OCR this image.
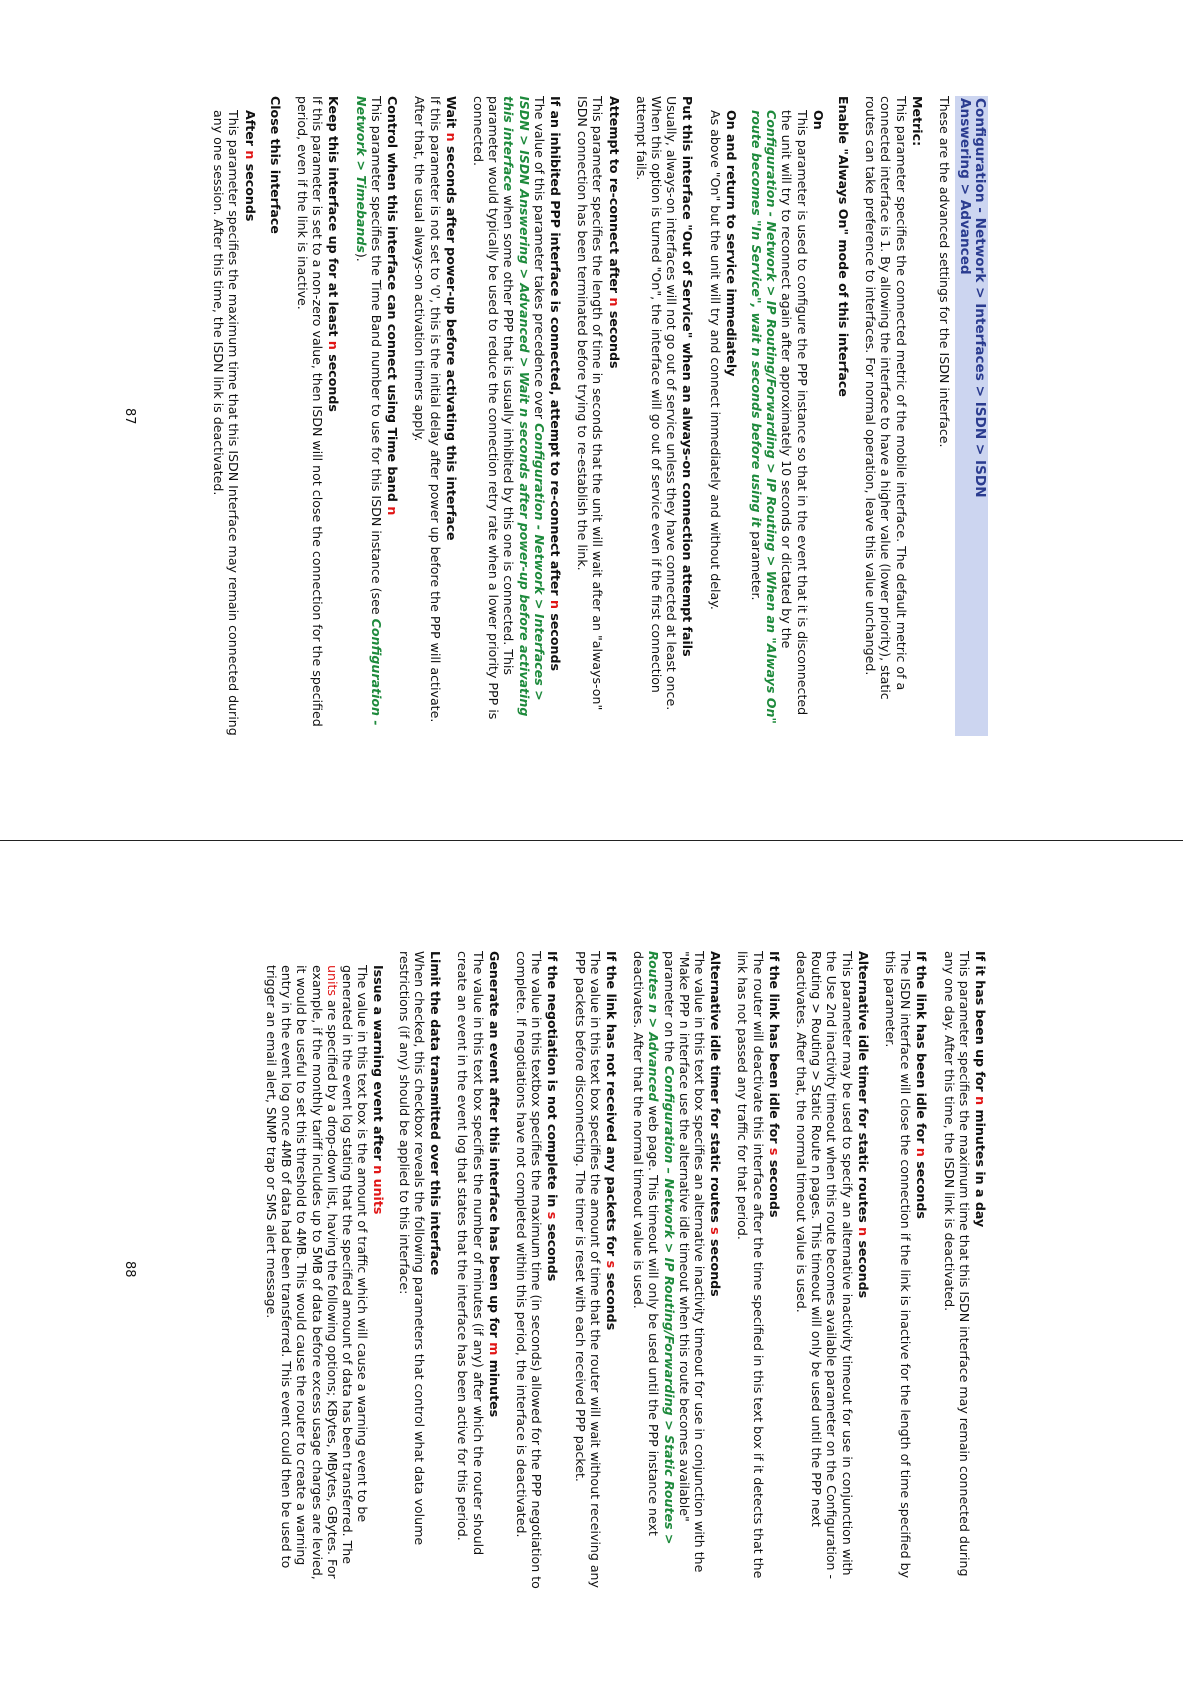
Configuration - Network > Interfaces > ISDN > ISDN
Answering > Advanced

These are the advanced settings for the ISDN interface.

Metric:

This parameter specifies the connected metric of the mobile interface. The default metric of a connected interface is 1. By allowing the interface to have a higher value (lower priority), static routes can take preference to interfaces. For normal operation, leave this value unchanged.

Enable "Always On" mode of this interface
On

This parameter is used to configure the PPP instance so that in the event that it is disconnected the unit will try to reconnect again after approximately 10 seconds or dictated by the Configuration - Network > IP Routing/Forwarding > IP Routing > When an "Always On" route becomes "In Service", wait n seconds before using it parameter.

On and return to service immediately

As above "On" but the unit will try and connect immediately and without delay.

Put this interface "Out of Service" when an always-on connection attempt fails

Usually, always-on interfaces will not go out of service unless they have connected at least once. When this option is turned "On", the interface will go out of service even if the first connection attempt fails.

Attempt to re-connect after n seconds

This parameter specifies the length of time in seconds that the unit will wait after an "always-on" ISDN connection has been terminated before trying to re-establish the link.

If an inhibited PPP interface is connected, attempt to re-connect after n seconds

The value of this parameter takes precedence over Configuration - Network > Interfaces > ISDN > ISDN Answering > Advanced > Wait n seconds after power-up before activating this interface when some other PPP that is usually inhibited by this one is connected. This parameter would typically be used to reduce the connection retry rate when a lower priority PPP is connected.

Wait n seconds after power-up before activating this interface

If this parameter is not set to '0', this is the initial delay after power up before the PPP will activate. After that, the usual always-on activation timers apply.

Control when this interface can connect using Time band n

This parameter specifies the Time Band number to use for this ISDN instance (see Configuration - Network > Timebands).

Keep this interface up for at least n seconds

If this parameter is set to a non-zero value, then ISDN will not close the connection for the specified period, even if the link is inactive.

Close this interface
After n seconds

This parameter specifies the maximum time that this ISDN Interface may remain connected during any one session. After this time, the ISDN link is deactivated.

87
If it has been up for n minutes in a day

This parameter specifies the maximum time that this ISDN interface may remain connected during any one day. After this time, the ISDN link is deactivated.

If the link has been idle for n seconds

The ISDN interface will close the connection if the link is inactive for the length of time specified by this parameter.

Alternative idle timer for static routes n seconds

This parameter may be used to specify an alternative inactivity timeout for use in conjunction with the Use 2nd inactivity timeout when this route becomes available parameter on the Configuration - Routing > Routing > Static Route n pages. This timeout will only be used until the PPP next deactivates. After that, the normal timeout value is used.

If the link has been idle for s seconds

The router will deactivate this interface after the time specified in this text box if it detects that the link has not passed any traffic for that period.

Alternative idle timer for static routes s seconds

The value in this text box specifies an alternative inactivity timeout for use in conjunction with the "Make PPP n interface use the alternative idle timeout when this route becomes available" parameter on the Configuration – Network > IP Routing/Forwarding > Static Routes > Routes n > Advanced web page. This timeout will only be used until the PPP instance next deactivates. After that the normal timeout value is used.

If the link has not received any packets for s seconds

The value in this text box specifies the amount of time that the router will wait without receiving any PPP packets before disconnecting. The timer is reset with each received PPP packet.

If the negotiation is not complete in s seconds

The value in this textbox specifies the maximum time (in seconds) allowed for the PPP negotiation to complete. If negotiations have not completed within this period, the interface is deactivated.

Generate an event after this interface has been up for m minutes

The value in this text box specifies the number of minutes (if any) after which the router should create an event in the event log that states that the interface has been active for this period.

Limit the data transmitted over this interface

When checked, this checkbox reveals the following parameters that control what data volume restrictions (if any) should be applied to this interface:

Issue a warning event after n units

The value in this text box is the amount of traffic which will cause a warning event to be generated in the event log stating that the specified amount of data has been transferred. The units are specified by a drop-down list, having the following options; KBytes, MBytes, GBytes. For example, if the monthly tariff includes up to 5MB of data before excess usage charges are levied, it would be useful to set this threshold to 4MB. This would cause the router to create a warning entry in the event log once 4MB of data had been transferred. This event could then be used to trigger an email alert, SNMP trap or SMS alert message.

88
